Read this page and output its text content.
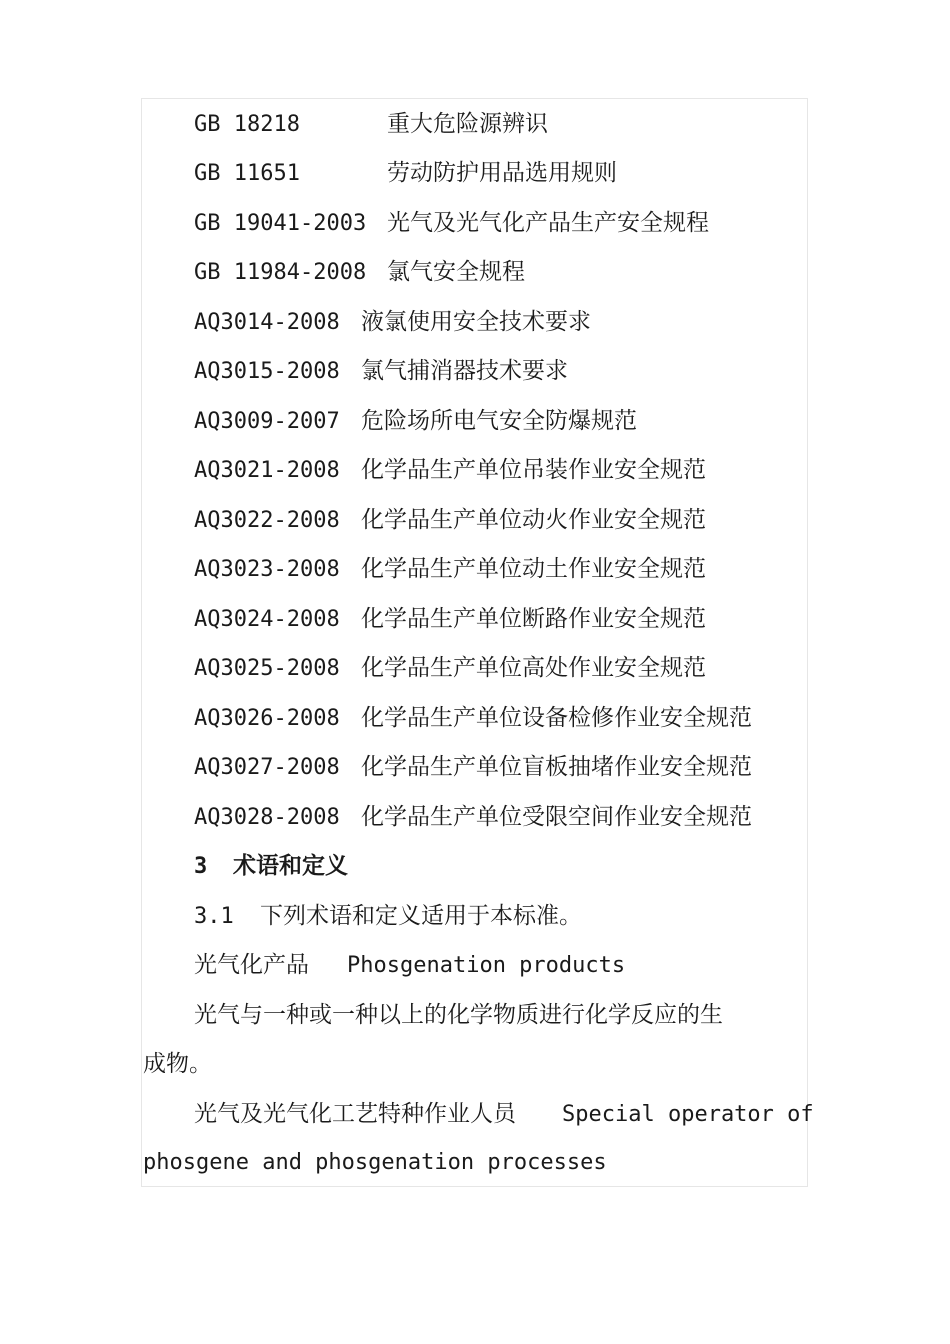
GB 18218	重大危险源辨识
GB 11651	劳动防护用品选用规则
GB 19041-2003 光气及光气化产品生产安全规程
GB 11984-2008 氯气安全规程
AQ3014-2008 液氯使用安全技术要求
AQ3015-2008 氯气捕消器技术要求
AQ3009-2007 危险场所电气安全防爆规范
AQ3021-2008 化学品生产单位吊装作业安全规范
AQ3022-2008 化学品生产单位动火作业安全规范
AQ3023-2008 化学品生产单位动土作业安全规范
AQ3024-2008 化学品生产单位断路作业安全规范
AQ3025-2008 化学品生产单位高处作业安全规范
AQ3026-2008 化学品生产单位设备检修作业安全规范
AQ3027-2008 化学品生产单位盲板抽堵作业安全规范
AQ3028-2008 化学品生产单位受限空间作业安全规范
3 术语和定义
3.1 下列术语和定义适用于本标准。
光气化产品 Phosgenation products
光气与一种或一种以上的化学物质进行化学反应的生
成物。
光气及光气化工艺特种作业人员 Special operator of
phosgene and phosgenation processes
